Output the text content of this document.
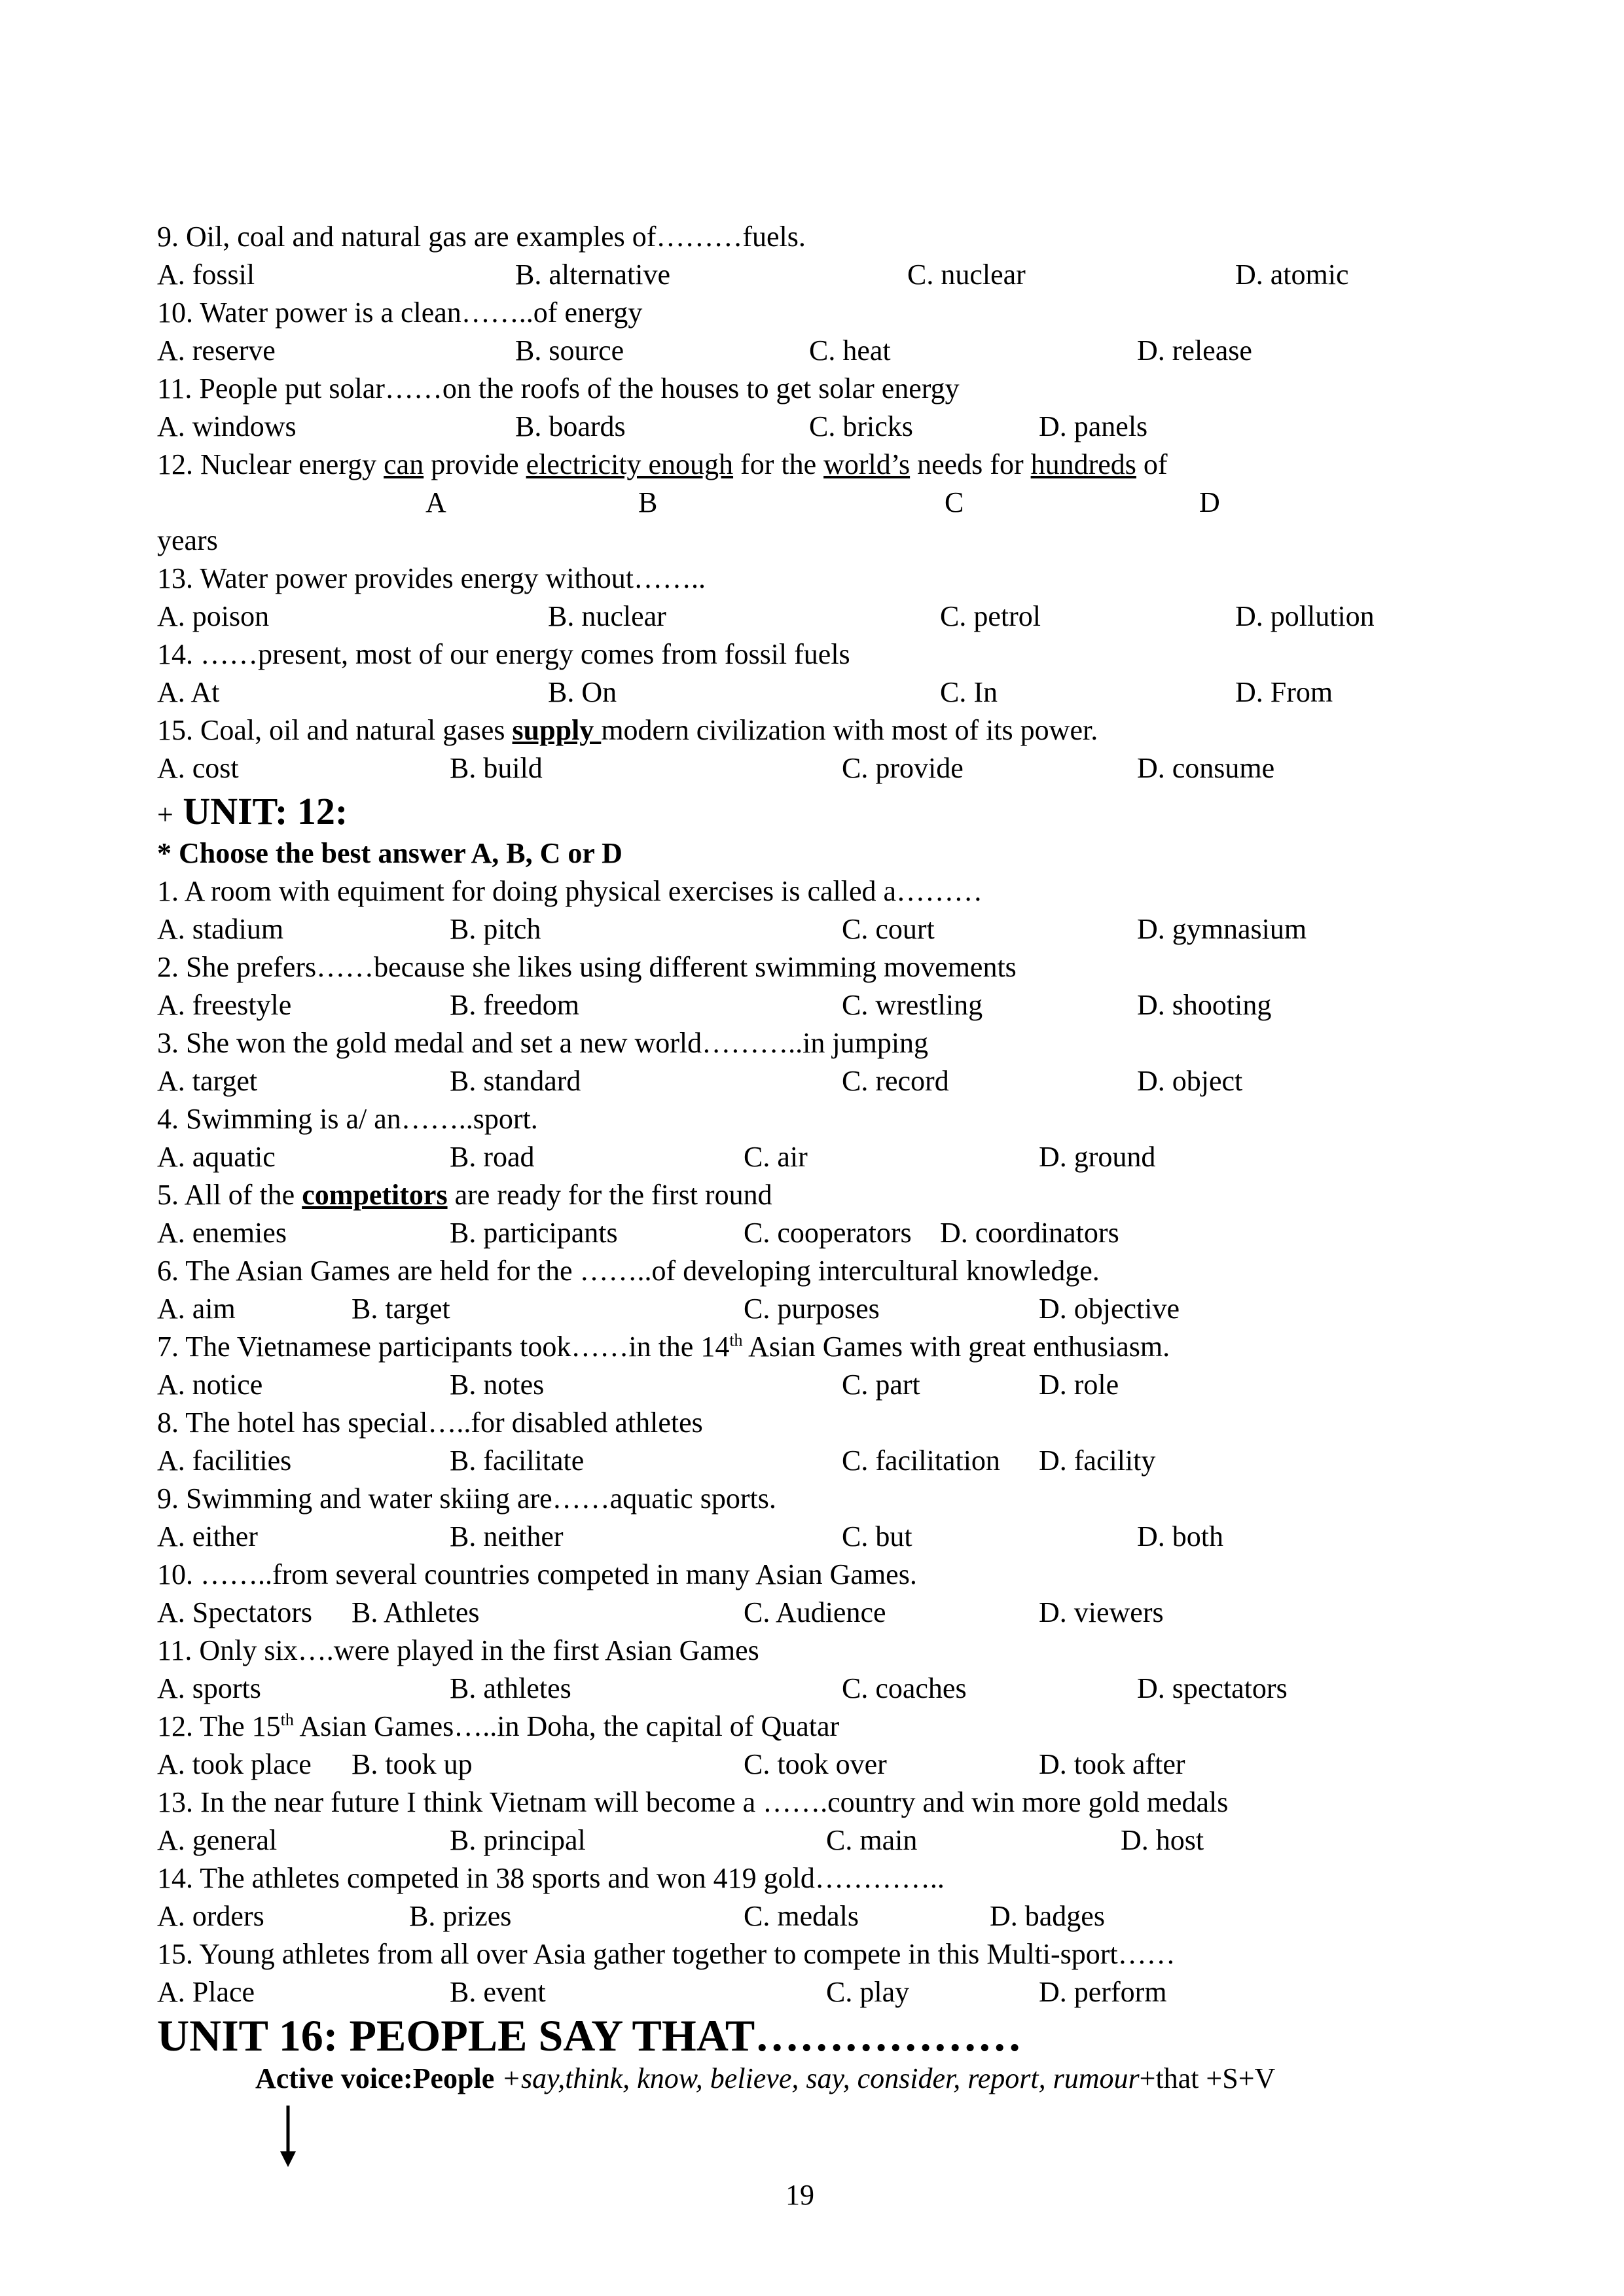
9. Oil, coal and natural gas are examples of………fuels.
A. fossil	B. alternative	C. nuclear	D. atomic
10. Water power is a clean……..of energy
A. reserve	B. source	C. heat	D. release
11. People put solar……on the roofs of the houses to get solar energy
A. windows	B. boards	C. bricks	D. panels
12. Nuclear energy can provide electricity enough for the world’s needs for hundreds of
A	B	C	D
years
13. Water power provides energy without……..
A. poison	B. nuclear	C. petrol	D. pollution
14. ……present, most of our energy comes from fossil fuels
A. At	B. On	C. In	D. From
15. Coal, oil and natural gases supply modern civilization with most of its power.
A. cost	B. build	C. provide	D. consume
+ UNIT: 12:
* Choose the best answer A, B, C or D
1. A room with equiment for doing physical exercises is called a………
A. stadium	B. pitch	C. court	D. gymnasium
2. She prefers……because she likes using different swimming movements
A. freestyle	B. freedom	C. wrestling	D. shooting
3. She won the gold medal and set a new world………..in jumping
A. target	B. standard	C. record	D. object
4. Swimming is a/ an……..sport.
A. aquatic	B. road	C. air	D. ground
5. All of the competitors are ready for the first round
A. enemies	B. participants	C. cooperators D. coordinators
6. The Asian Games are held for the ……..of developing intercultural knowledge.
A. aim	B. target	C. purposes	D. objective
7. The Vietnamese participants took……in the 14th Asian Games with great enthusiasm.
A. notice	B. notes	C. part	D. role
8. The hotel has special…..for disabled athletes
A. facilities	B. facilitate	C. facilitation D. facility
9. Swimming and water skiing are……aquatic sports.
A. either	B. neither	C. but	D. both
10. ……..from several countries competed in many Asian Games.
A. Spectators B. Athletes	C. Audience	D. viewers
11. Only six….were played in the first Asian Games
A. sports	B. athletes	C. coaches	D. spectators
12. The 15th Asian Games…..in Doha, the capital of Quatar
A. took place B. took up	C. took over	D. took after
13. In the near future I think Vietnam will become a …….country and win more gold medals
A. general	B. principal	C. main	D. host
14. The athletes competed in 38 sports and won 419 gold…………..
A. orders	B. prizes	C. medals	D. badges
15. Young athletes from all over Asia gather together to compete in this Multi-sport……
A. Place	B. event	C. play	D. perform
UNIT 16: PEOPLE SAY THAT………………
Active voice:People +say,think, know, believe, say, consider, report, rumour+that +S+V
19
